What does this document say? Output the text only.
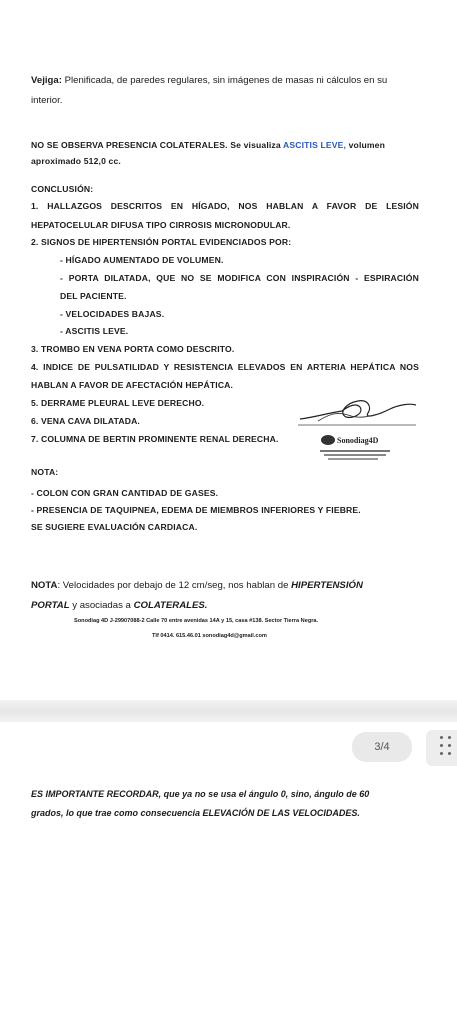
Vejiga: Plenificada, de paredes regulares, sin imágenes de masas ni cálculos en su
interior.
NO SE OBSERVA PRESENCIA COLATERALES. Se visualiza ASCITIS LEVE, volumen
aproximado 512,0 cc.
CONCLUSIÓN:
1. HALLAZGOS DESCRITOS EN HÍGADO, NOS HABLAN A FAVOR DE LESIÓN
HEPATOCELULAR DIFUSA TIPO CIRROSIS MICRONODULAR.
2. SIGNOS DE HIPERTENSIÓN PORTAL EVIDENCIADOS POR:
- HÍGADO AUMENTADO DE VOLUMEN.
- PORTA DILATADA, QUE NO SE MODIFICA CON INSPIRACIÓN - ESPIRACIÓN
DEL PACIENTE.
- VELOCIDADES BAJAS.
- ASCITIS LEVE.
3. TROMBO EN VENA PORTA COMO DESCRITO.
4. INDICE DE PULSATILIDAD Y RESISTENCIA ELEVADOS EN ARTERIA HEPÁTICA NOS
HABLAN A FAVOR DE AFECTACIÓN HEPÁTICA.
5. DERRAME PLEURAL LEVE DERECHO.
6. VENA CAVA DILATADA.
7. COLUMNA DE BERTIN PROMINENTE RENAL DERECHA.	Sonodiag4D
NOTA:
- COLON CON GRAN CANTIDAD DE GASES.
- PRESENCIA DE TAQUIPNEA, EDEMA DE MIEMBROS INFERIORES Y FIEBRE.
SE SUGIERE EVALUACIÓN CARDIACA.
NOTA: Velocidades por debajo de 12 cm/seg, nos hablan de HIPERTENSIÓN
PORTAL y asociadas a COLATERALES.
Sonodiag 4D J-29907088-2 Calle 70 entre avenidas 14A y 15, casa #138. Sector Tierra Negra.
Tlf 0414. 615.46.01 sonodiag4d@gmail.com
3/4
ES IMPORTANTE RECORDAR, que ya no se usa el ángulo 0, sino, ángulo de 60
grados, lo que trae como consecuencia ELEVACIÓN DE LAS VELOCIDADES.
